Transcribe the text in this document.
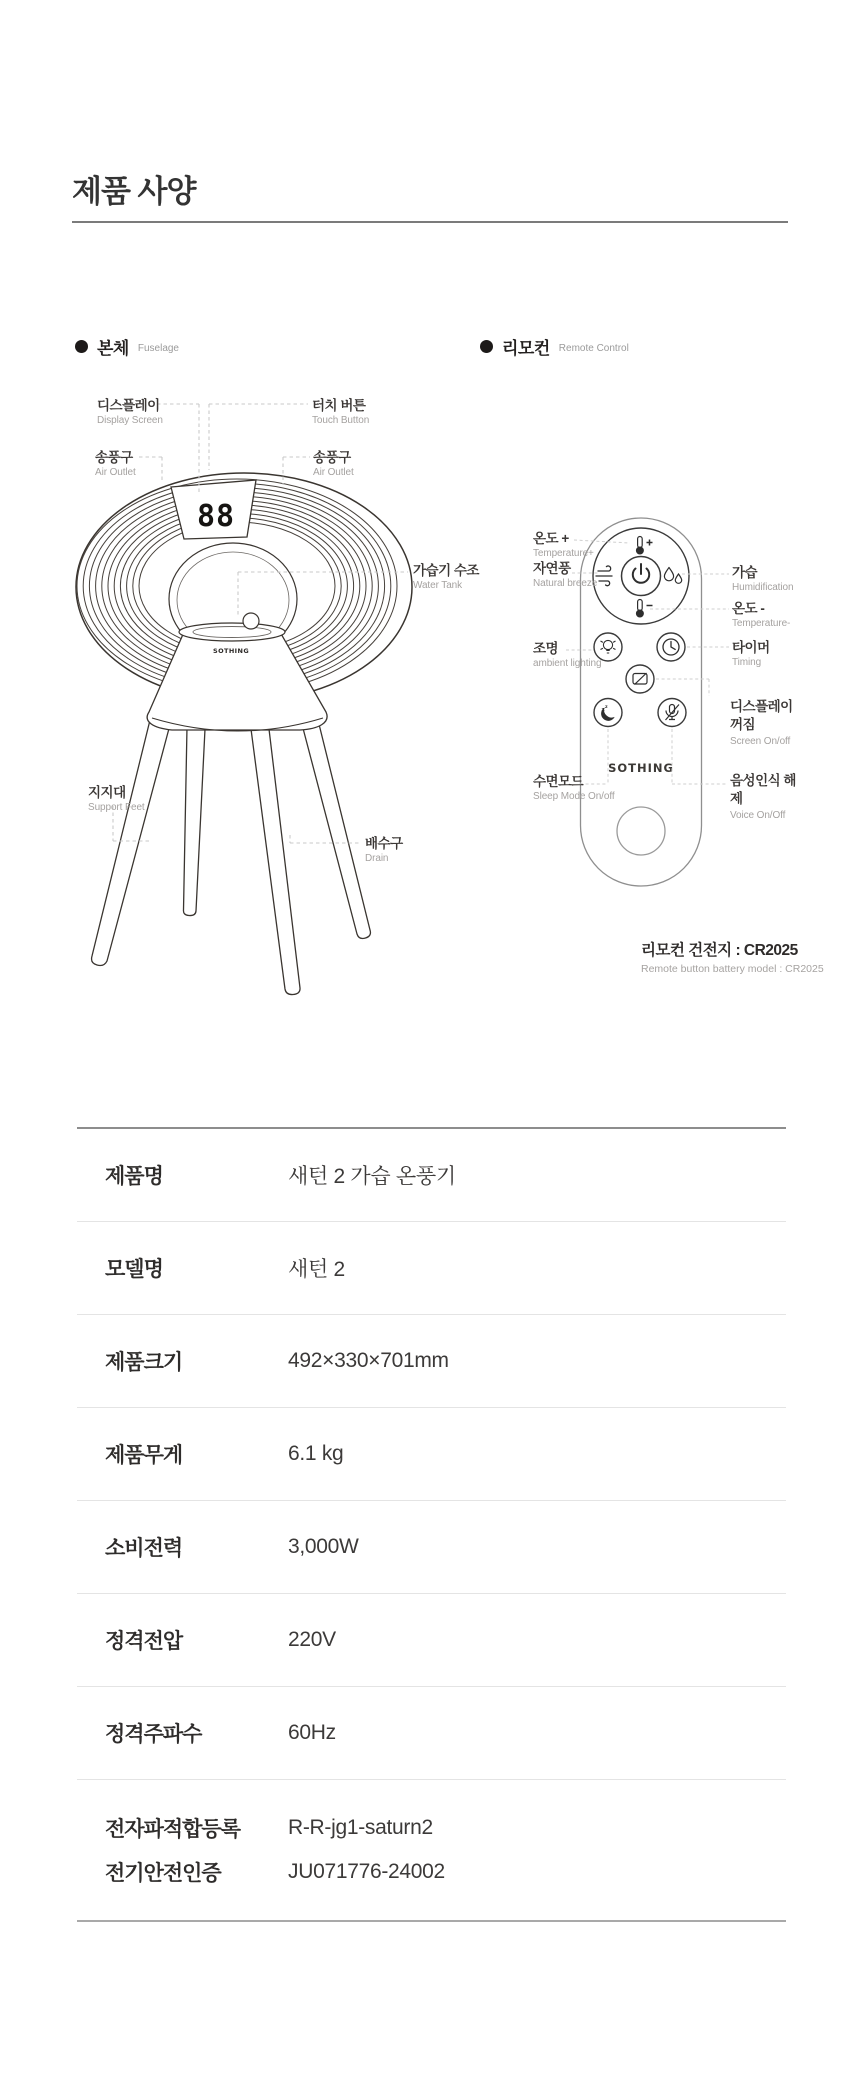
제품 사양
본체 Fuselage	리모컨 Remote Control
88
SOTHING
z z
SOTHING
디스플레이
Display Screen
터치 버튼
Touch Button
송풍구
Air Outlet
송풍구
Air Outlet
가습기 수조
Water Tank
지지대
Support Feet
배수구
Drain
온도 +
Temperature+
자연풍
Natural breeze
조명
ambient lighting
수면모드
Sleep Mode On/off
가습
Humidification
온도 -
Temperature-
타이머
Timing
디스플레이 꺼짐
Screen On/off
음성인식 해제
Voice On/Off
리모컨 건전지 : CR2025
Remote button battery model : CR2025
제품명	새턴 2 가습 온풍기
모델명	새턴 2
제품크기	492×330×701mm
제품무게	6.1 kg
소비전력	3,000W
정격전압	220V
정격주파수	60Hz
전자파적합등록	R-R-jg1-saturn2
전기안전인증	JU071776-24002
